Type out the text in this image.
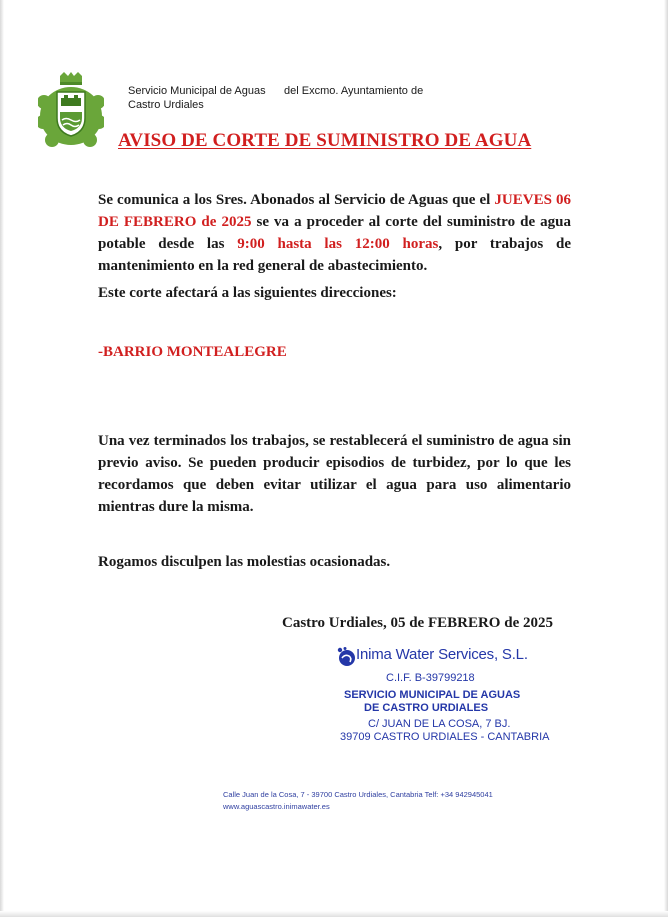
Servicio Municipal de Aguas del Excmo. Ayuntamiento de
Castro Urdiales
AVISO DE CORTE DE SUMINISTRO DE AGUA
Se comunica a los Sres. Abonados al Servicio de Aguas que el JUEVES 06 DE FEBRERO de 2025 se va a proceder al corte del suministro de agua potable desde las 9:00 hasta las 12:00 horas, por trabajos de mantenimiento en la red general de abastecimiento.
Este corte afectará a las siguientes direcciones:
-BARRIO MONTEALEGRE
Una vez terminados los trabajos, se restablecerá el suministro de agua sin previo aviso. Se pueden producir episodios de turbidez, por lo que les recordamos que deben evitar utilizar el agua para uso alimentario mientras dure la misma.
Rogamos disculpen las molestias ocasionadas.
Castro Urdiales, 05 de FEBRERO de 2025
Inima Water Services, S.L.
C.I.F. B-39799218
SERVICIO MUNICIPAL DE AGUAS
DE CASTRO URDIALES
C/ JUAN DE LA COSA, 7 BJ.
39709 CASTRO URDIALES - CANTABRIA
Calle Juan de la Cosa, 7 - 39700 Castro Urdiales, Cantabria Telf: +34 942945041
www.aguascastro.inimawater.es
